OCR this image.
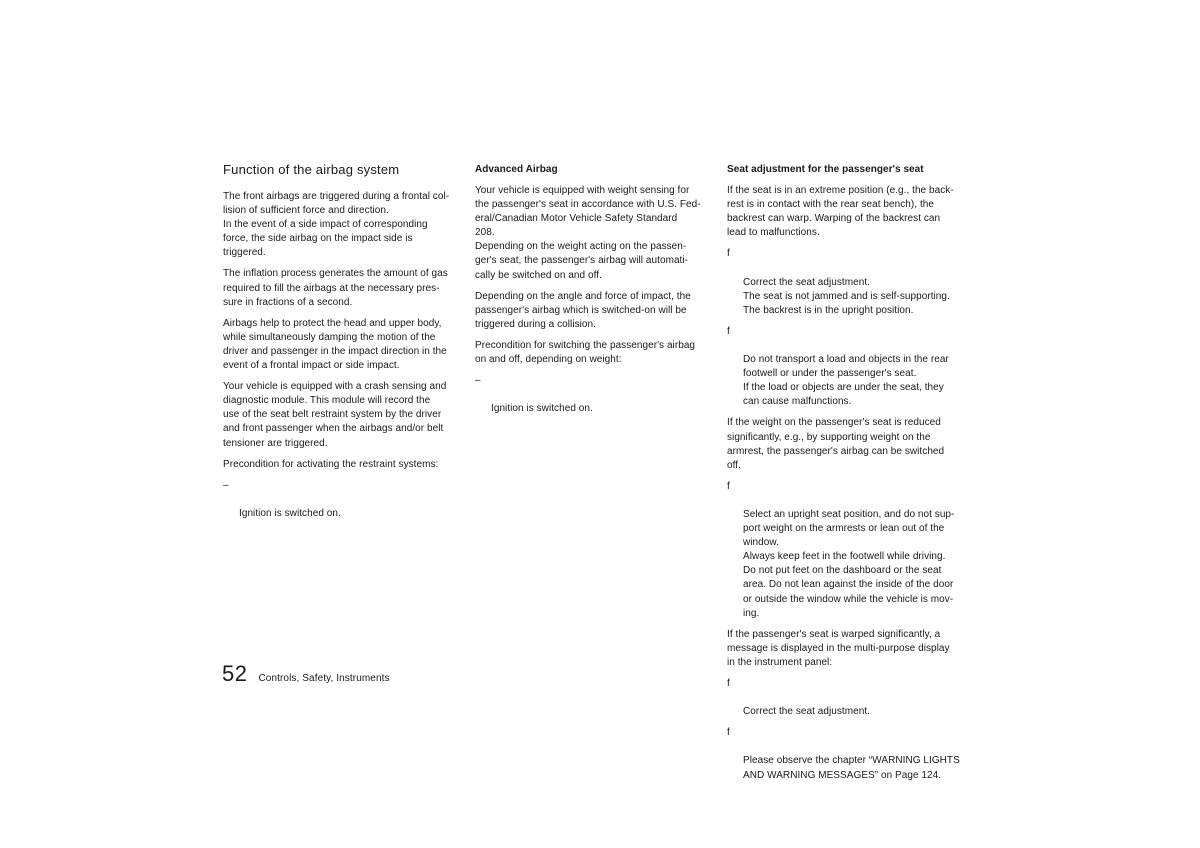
Function of the airbag system

The front airbags are triggered during a frontal col-
lision of sufficient force and direction.
In the event of a side impact of corresponding
force, the side airbag on the impact side is
triggered.

The inflation process generates the amount of gas
required to fill the airbags at the necessary pres-
sure in fractions of a second.

Airbags help to protect the head and upper body,
while simultaneously damping the motion of the
driver and passenger in the impact direction in the
event of a frontal impact or side impact.

Your vehicle is equipped with a crash sensing and
diagnostic module. This module will record the
use of the seat belt restraint system by the driver
and front passenger when the airbags and/or belt
tensioner are triggered.

Precondition for activating the restraint systems:

–

Ignition is switched on.

Advanced Airbag

Your vehicle is equipped with weight sensing for
the passenger's seat in accordance with U.S. Fed-
eral/Canadian Motor Vehicle Safety Standard
208.
Depending on the weight acting on the passen-
ger's seat, the passenger's airbag will automati-
cally be switched on and off.

Depending on the angle and force of impact, the
passenger's airbag which is switched-on will be
triggered during a collision.

Precondition for switching the passenger's airbag
on and off, depending on weight:

–

Ignition is switched on.

Seat adjustment for the passenger's seat

If the seat is in an extreme position (e.g., the back-
rest is in contact with the rear seat bench), the
backrest can warp. Warping of the backrest can
lead to malfunctions.

f

Correct the seat adjustment.
The seat is not jammed and is self-supporting.
The backrest is in the upright position.

f

Do not transport a load and objects in the rear
footwell or under the passenger's seat.
If the load or objects are under the seat, they
can cause malfunctions.

If the weight on the passenger's seat is reduced
significantly, e.g., by supporting weight on the
armrest, the passenger's airbag can be switched
off.

f

Select an upright seat position, and do not sup-
port weight on the armrests or lean out of the
window.
Always keep feet in the footwell while driving.
Do not put feet on the dashboard or the seat
area. Do not lean against the inside of the door
or outside the window while the vehicle is mov-
ing.

If the passenger's seat is warped significantly, a
message is displayed in the multi-purpose display
in the instrument panel:

f

Correct the seat adjustment.

f

Please observe the chapter “WARNING LIGHTS
AND WARNING MESSAGES” on Page 124.

52 Controls, Safety, Instruments
